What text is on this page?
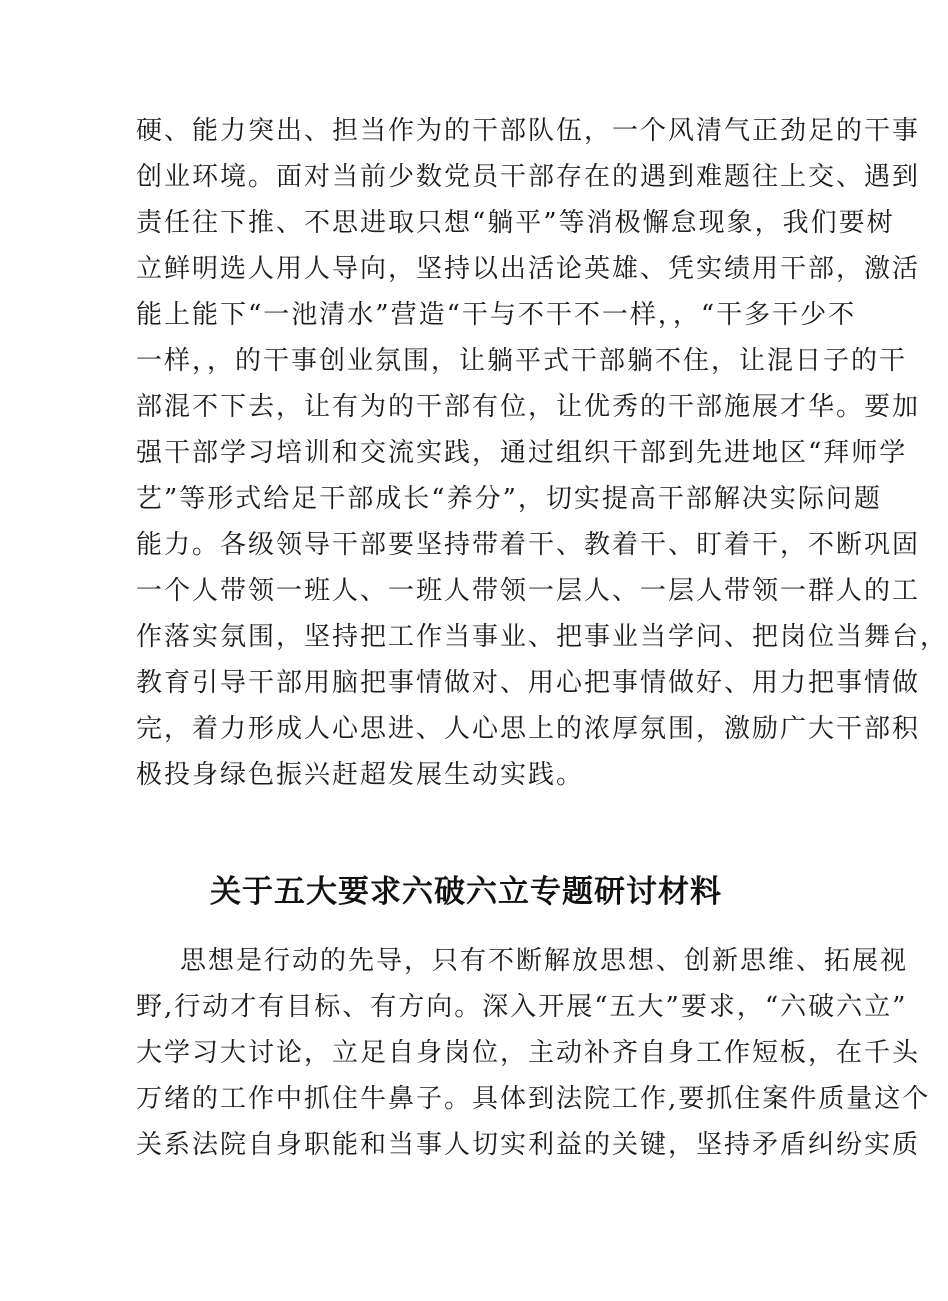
硬、能力突出、担当作为的干部队伍，一个风清气正劲足的干事
创业环境。面对当前少数党员干部存在的遇到难题往上交、遇到
责任往下推、不思进取只想“躺平”等消极懈怠现象，我们要树
立鲜明选人用人导向，坚持以出活论英雄、凭实绩用干部，激活
能上能下“一池清水”营造“干与不干不一样，，“干多干少不
一样，，的干事创业氛围，让躺平式干部躺不住，让混日子的干
部混不下去，让有为的干部有位，让优秀的干部施展才华。要加
强干部学习培训和交流实践，通过组织干部到先进地区“拜师学
艺”等形式给足干部成长“养分”，切实提高干部解决实际问题
能力。各级领导干部要坚持带着干、教着干、盯着干，不断巩固
一个人带领一班人、一班人带领一层人、一层人带领一群人的工
作落实氛围，坚持把工作当事业、把事业当学问、把岗位当舞台，
教育引导干部用脑把事情做对、用心把事情做好、用力把事情做
完，着力形成人心思进、人心思上的浓厚氛围，激励广大干部积
极投身绿色振兴赶超发展生动实践。
关于五大要求六破六立专题研讨材料
思想是行动的先导，只有不断解放思想、创新思维、拓展视
野,行动才有目标、有方向。深入开展“五大”要求，“六破六立”
大学习大讨论，立足自身岗位，主动补齐自身工作短板，在千头
万绪的工作中抓住牛鼻子。具体到法院工作,要抓住案件质量这个
关系法院自身职能和当事人切实利益的关键，坚持矛盾纠纷实质
